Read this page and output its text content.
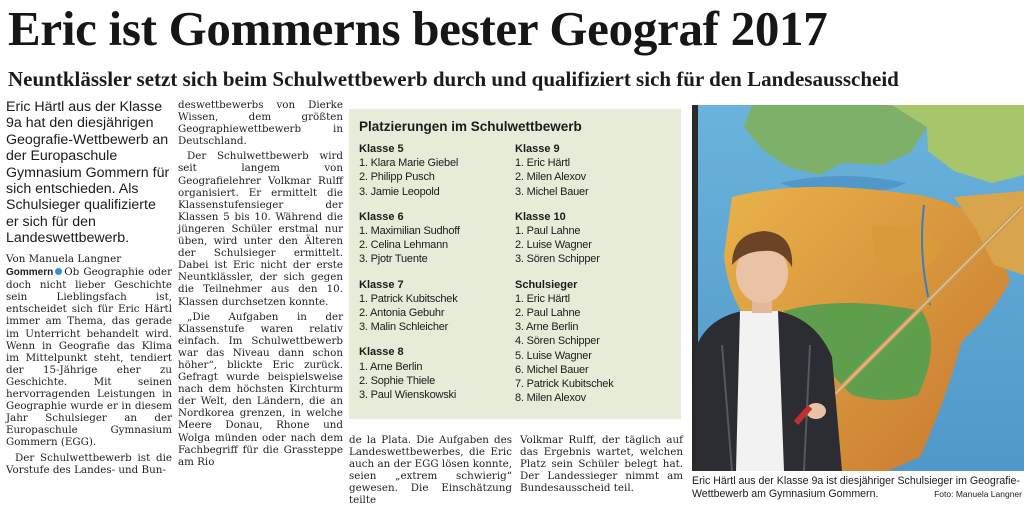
Eric ist Gommerns bester Geograf 2017
Neuntklässler setzt sich beim Schulwettbewerb durch und qualifiziert sich für den Landesausscheid

Eric Härtl aus der Klasse 9a hat den diesjährigen Geografie-Wettbewerb an der Europaschule Gymnasium Gommern für sich entschieden. Als Schulsieger qualifizierte er sich für den Landeswettbewerb.

Von Manuela Langner

Gommern Ob Geographie oder doch nicht lieber Geschichte sein Lieblingsfach ist, entscheidet sich für Eric Härtl immer am Thema, das gerade im Unterricht behandelt wird. Wenn in Geografie das Klima im Mittelpunkt steht, tendiert der 15-Jährige eher zu Geschichte. Mit seinen hervorragenden Leistungen in Geographie wurde er in diesem Jahr Schulsieger an der Europaschule Gymnasium Gommern (EGG).

Der Schulwettbewerb ist die Vorstufe des Landes- und Bun-

deswettbewerbs von Dierke Wissen, dem größten Geographiewettbewerb in Deutschland.

Der Schulwettbewerb wird seit langem von Geografielehrer Volkmar Rulff organisiert. Er ermittelt die Klassenstufensieger der Klassen 5 bis 10. Während die jüngeren Schüler erstmal nur üben, wird unter den Älteren der Schulsieger ermittelt. Dabei ist Eric nicht der erste Neuntklässler, der sich gegen die Teilnehmer aus den 10. Klassen durchsetzen konnte.

„Die Aufgaben in der Klassenstufe waren relativ einfach. Im Schulwettbewerb war das Niveau dann schon höher“, blickte Eric zurück. Gefragt wurde beispielsweise nach dem höchsten Kirchturm der Welt, den Ländern, die an Nordkorea grenzen, in welche Meere Donau, Rhone und Wolga münden oder nach dem Fachbegriff für die Grassteppe am Rio

Platzierungen im Schulwettbewerb
Klasse 5
1. Klara Marie Giebel
2. Philipp Pusch
3. Jamie Leopold
Klasse 6
1. Maximilian Sudhoff
2. Celina Lehmann
3. Pjotr Tuente
Klasse 7
1. Patrick Kubitschek
2. Antonia Gebuhr
3. Malin Schleicher
Klasse 8
1. Arne Berlin
2. Sophie Thiele
3. Paul Wienskowski
Klasse 9
1. Eric Härtl
2. Milen Alexov
3. Michel Bauer
Klasse 10
1. Paul Lahne
2. Luise Wagner
3. Sören Schipper
Schulsieger
1. Eric Härtl
2. Paul Lahne
3. Arne Berlin
4. Sören Schipper
5. Luise Wagner
6. Michel Bauer
7. Patrick Kubitschek
8. Milen Alexov

de la Plata. Die Aufgaben des Landeswettbewerbes, die Eric auch an der EGG lösen konnte, seien „extrem schwierig“ gewesen. Die Einschätzung teilte

Volkmar Rulff, der täglich auf das Ergebnis wartet, welchen Platz sein Schüler belegt hat. Der Landessieger nimmt am Bundesausscheid teil.

Eric Härtl aus der Klasse 9a ist diesjähriger Schulsieger im Geografie-Wettbewerb am Gymnasium Gommern.	Foto: Manuela Langner
